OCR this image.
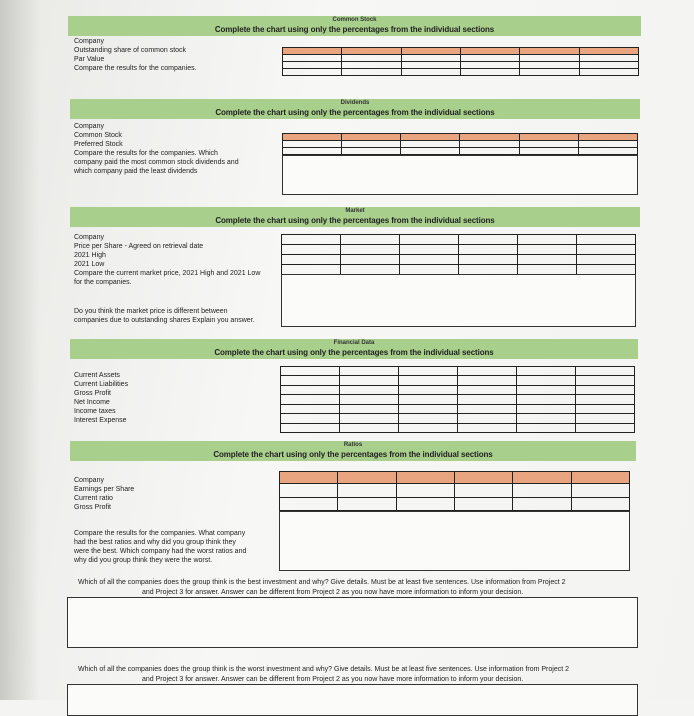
Common Stock
Complete the chart using only the percentages from the individual sections
Company
Outstanding share of common stock
Par Value
Compare the results for the companies.

Dividends
Complete the chart using only the percentages from the individual sections
Company
Common Stock
Preferred Stock
Compare the results for the companies. Which
company paid the most common stock dividends and
which company paid the least dividends

Market
Complete the chart using only the percentages from the individual sections
Company
Price per Share - Agreed on retrieval date
2021 High
2021 Low
Compare the current market price, 2021 High and 2021 Low
for the companies.

Do you think the market price is different between
companies due to outstanding shares Explain you answer.
Financial Data
Complete the chart using only the percentages from the individual sections
Current Assets
Current Liabilities
Gross Profit
Net Income
Income taxes
Interest Expense

Ratios
Complete the chart using only the percentages from the individual sections
Company
Earnings per Share
Current ratio
Gross Profit

Compare the results for the companies. What company
had the best ratios and why did you group think they
were the best. Which company had the worst ratios and
why did you group think they were the worst.
Which of all the companies does the group think is the best investment and why? Give details. Must be at least five sentences. Use information from Project 2
and Project 3 for answer. Answer can be different from Project 2 as you now have more information to inform your decision.
Which of all the companies does the group think is the worst investment and why? Give details. Must be at least five sentences. Use information from Project 2
and Project 3 for answer. Answer can be different from Project 2 as you now have more information to inform your decision.
